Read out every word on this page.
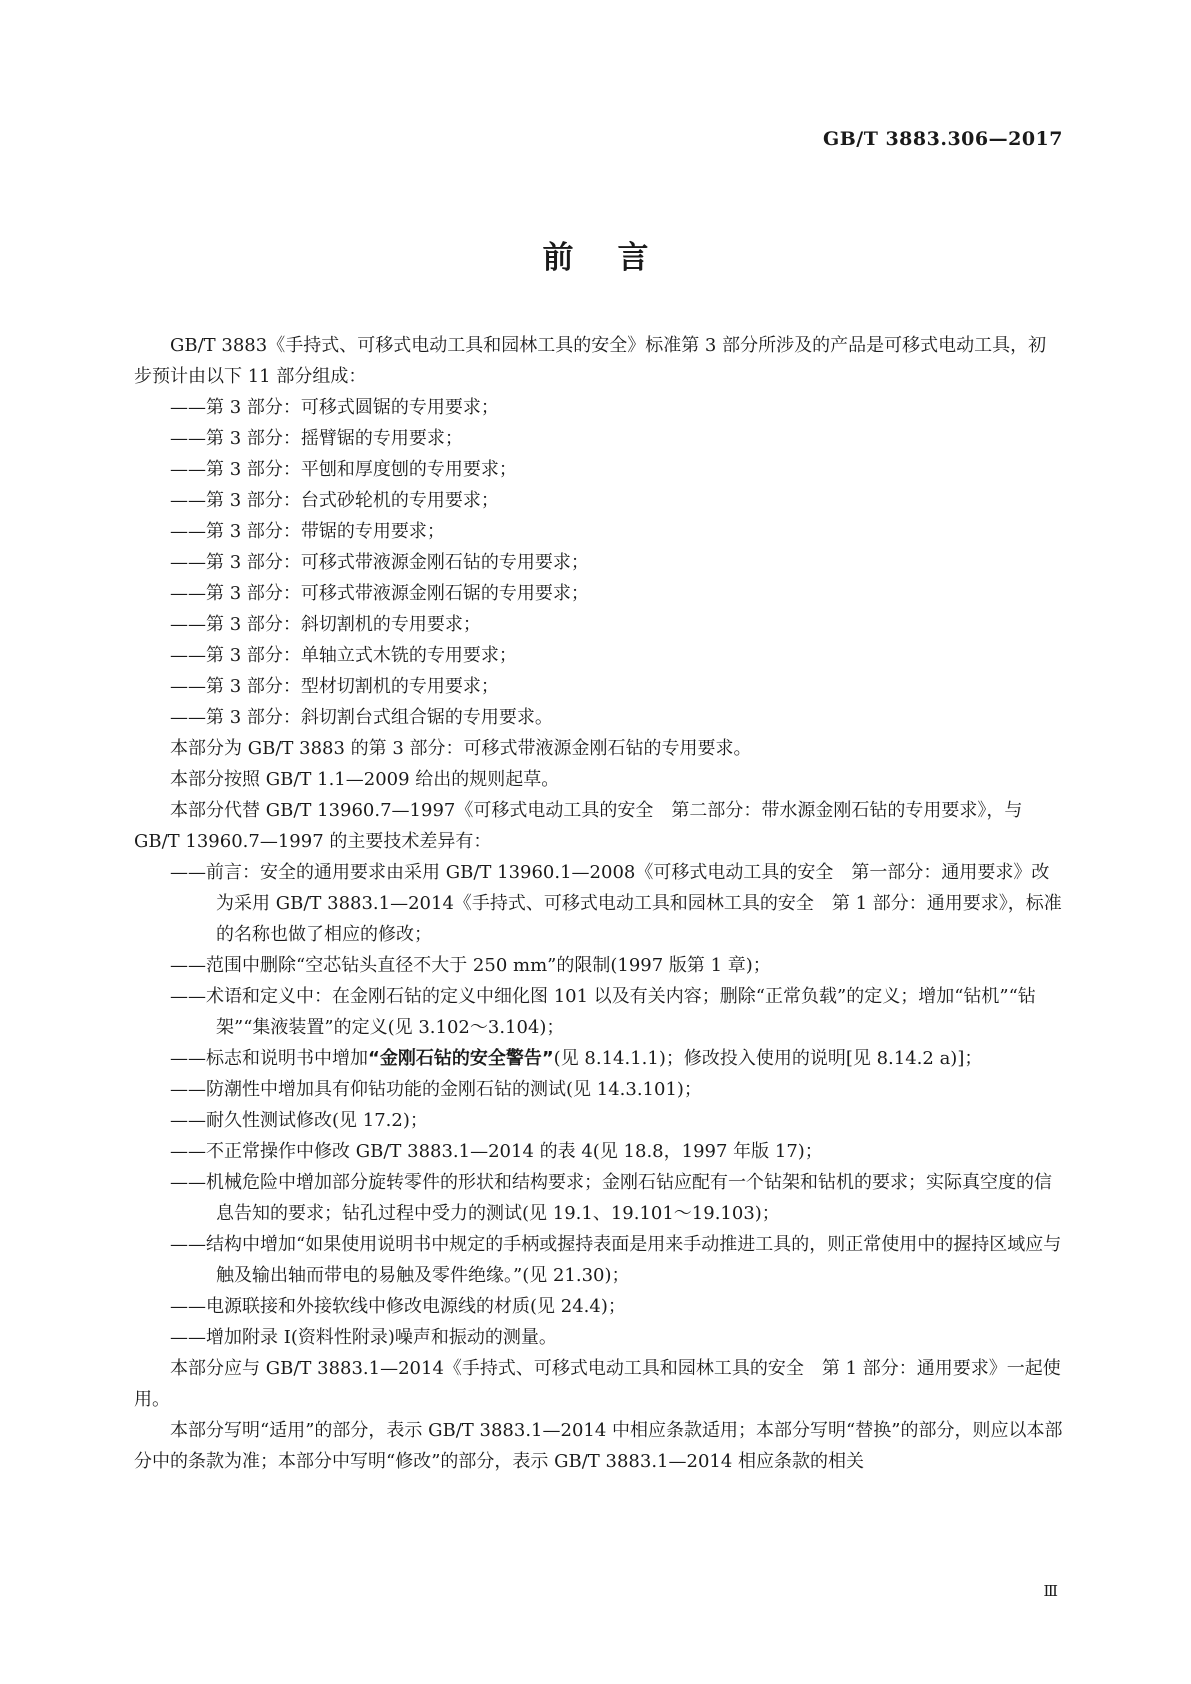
GB/T 3883.306—2017
前言

GB/T 3883《手持式、可移式电动工具和园林工具的安全》标准第 3 部分所涉及的产品是可移式电动工具，初步预计由以下 11 部分组成：

——第 3 部分：可移式圆锯的专用要求；

——第 3 部分：摇臂锯的专用要求；

——第 3 部分：平刨和厚度刨的专用要求；

——第 3 部分：台式砂轮机的专用要求；

——第 3 部分：带锯的专用要求；

——第 3 部分：可移式带液源金刚石钻的专用要求；

——第 3 部分：可移式带液源金刚石锯的专用要求；

——第 3 部分：斜切割机的专用要求；

——第 3 部分：单轴立式木铣的专用要求；

——第 3 部分：型材切割机的专用要求；

——第 3 部分：斜切割台式组合锯的专用要求。

本部分为 GB/T 3883 的第 3 部分：可移式带液源金刚石钻的专用要求。

本部分按照 GB/T 1.1—2009 给出的规则起草。

本部分代替 GB/T 13960.7—1997《可移式电动工具的安全　第二部分：带水源金刚石钻的专用要求》，与 GB/T 13960.7—1997 的主要技术差异有：

——前言：安全的通用要求由采用 GB/T 13960.1—2008《可移式电动工具的安全　第一部分：通用要求》改为采用 GB/T 3883.1—2014《手持式、可移式电动工具和园林工具的安全　第 1 部分：通用要求》，标准的名称也做了相应的修改；

——范围中删除“空芯钻头直径不大于 250 mm”的限制(1997 版第 1 章)；

——术语和定义中：在金刚石钻的定义中细化图 101 以及有关内容；删除“正常负载”的定义；增加“钻机”“钻架”“集液装置”的定义(见 3.102～3.104)；

——标志和说明书中增加“金刚石钻的安全警告”(见 8.14.1.1)；修改投入使用的说明[见 8.14.2 a)]；

——防潮性中增加具有仰钻功能的金刚石钻的测试(见 14.3.101)；

——耐久性测试修改(见 17.2)；

——不正常操作中修改 GB/T 3883.1—2014 的表 4(见 18.8，1997 年版 17)；

——机械危险中增加部分旋转零件的形状和结构要求；金刚石钻应配有一个钻架和钻机的要求；实际真空度的信息告知的要求；钻孔过程中受力的测试(见 19.1、19.101～19.103)；

——结构中增加“如果使用说明书中规定的手柄或握持表面是用来手动推进工具的，则正常使用中的握持区域应与触及输出轴而带电的易触及零件绝缘。”(见 21.30)；

——电源联接和外接软线中修改电源线的材质(见 24.4)；

——增加附录 I(资料性附录)噪声和振动的测量。

本部分应与 GB/T 3883.1—2014《手持式、可移式电动工具和园林工具的安全　第 1 部分：通用要求》一起使用。

本部分写明“适用”的部分，表示 GB/T 3883.1—2014 中相应条款适用；本部分写明“替换”的部分，则应以本部分中的条款为准；本部分中写明“修改”的部分，表示 GB/T 3883.1—2014 相应条款的相关

Ⅲ
